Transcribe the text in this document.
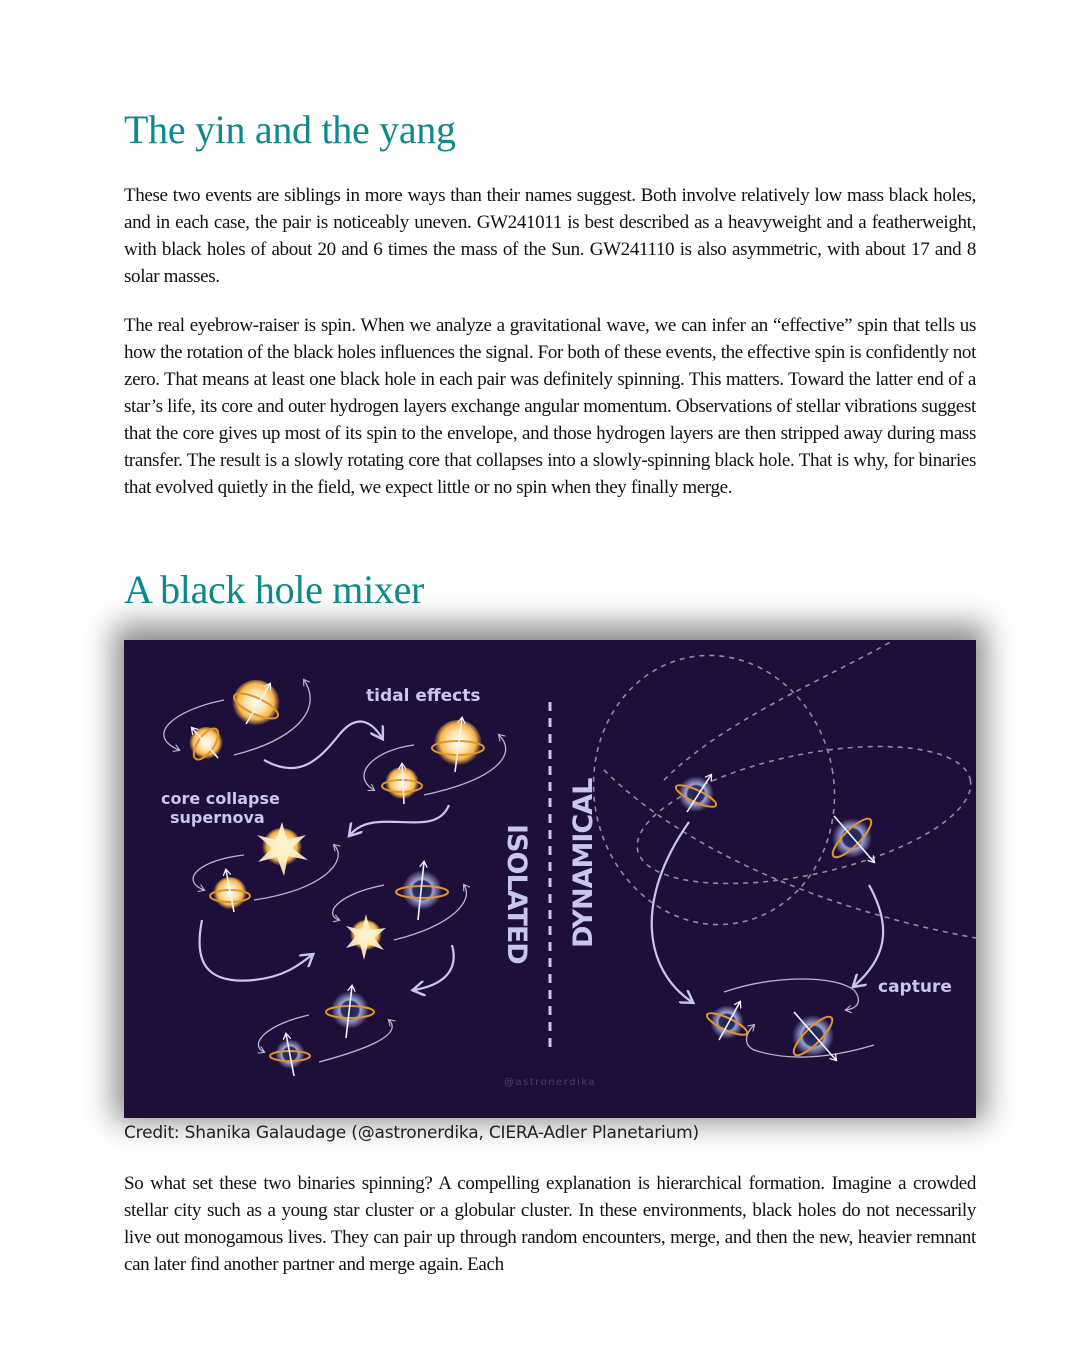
The yin and the yang

These two events are siblings in more ways than their names suggest. Both involve relatively low mass black holes, and in each case, the pair is noticeably uneven. GW241011 is best described as a heavyweight and a featherweight, with black holes of about 20 and 6 times the mass of the Sun. GW241110 is also asymmetric, with about 17 and 8 solar masses.

The real eyebrow-raiser is spin. When we analyze a gravitational wave, we can infer an “effective” spin that tells us how the rotation of the black holes influences the signal. For both of these events, the effective spin is confidently not zero. That means at least one black hole in each pair was definitely spinning. This matters. Toward the latter end of a star’s life, its core and outer hydrogen layers exchange angular momentum. Observations of stellar vibrations suggest that the core gives up most of its spin to the envelope, and those hydrogen layers are then stripped away during mass transfer. The result is a slowly rotating core that collapses into a slowly-spinning black hole. That is why, for binaries that evolved quietly in the field, we expect little or no spin when they finally merge.

A black hole mixer
ISOLATED DYNAMICAL
tidal effects
core collapse
supernova
capture
@astronerdika

Credit: Shanika Galaudage (@astronerdika, CIERA-Adler Planetarium)

So what set these two binaries spinning? A compelling explanation is hierarchical formation. Imagine a crowded stellar city such as a young star cluster or a globular cluster. In these environments, black holes do not necessarily live out monogamous lives. They can pair up through random encounters, merge, and then the new, heavier remnant can later find another partner and merge again. Each
